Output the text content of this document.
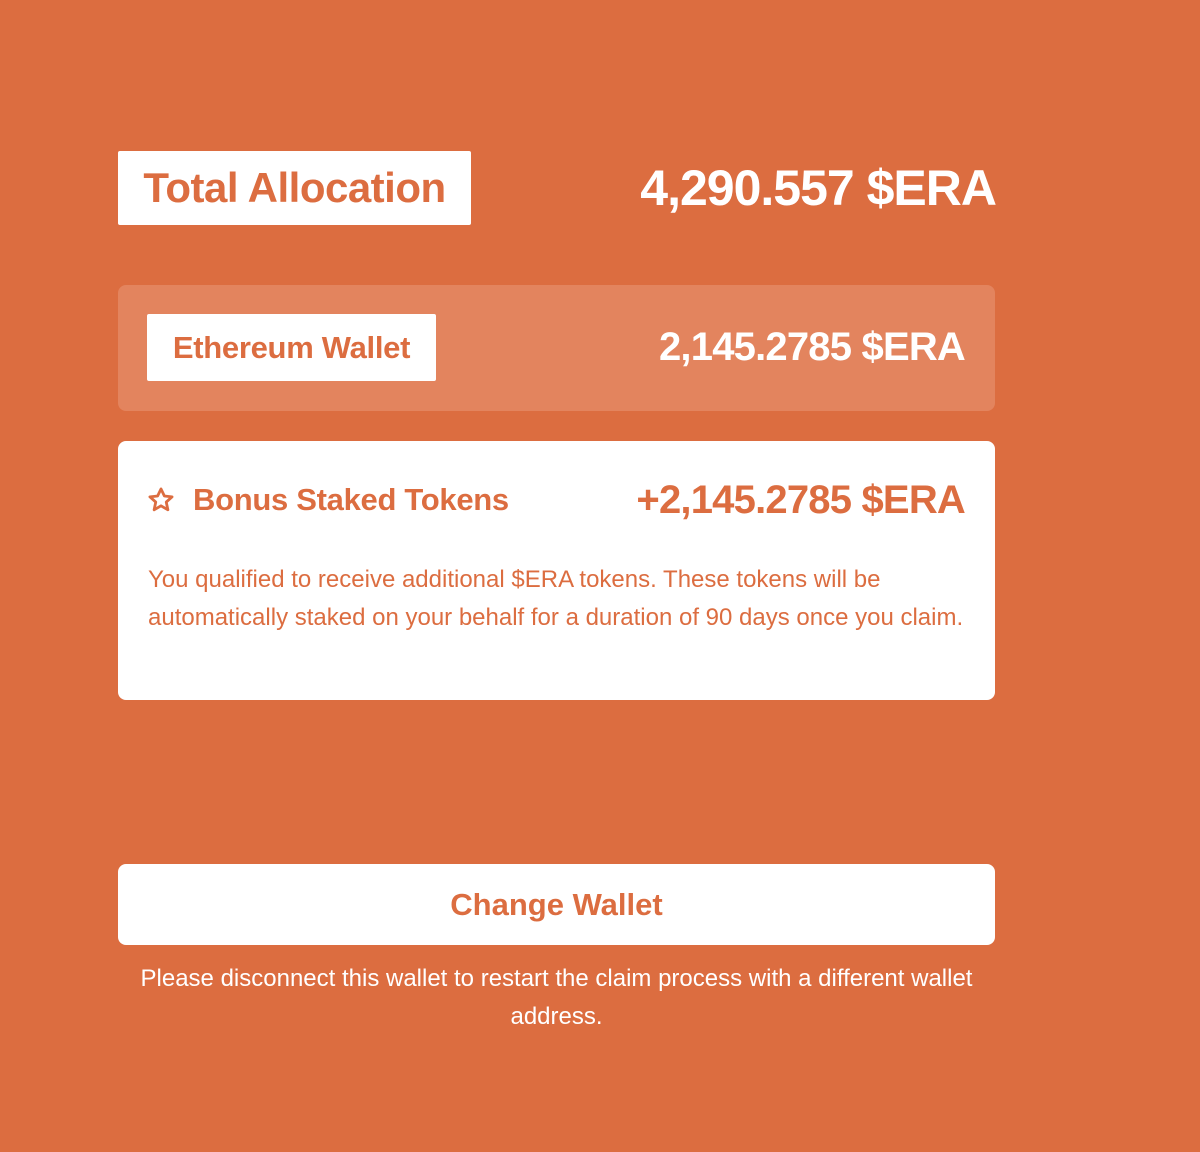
Total Allocation	4,290.557 $ERA
Ethereum Wallet	2,145.2785 $ERA
Bonus Staked Tokens	+2,145.2785 $ERA

You qualified to receive additional $ERA tokens. These tokens will be automatically staked on your behalf for a duration of 90 days once you claim.

Change Wallet

Please disconnect this wallet to restart the claim process with a different wallet address.
